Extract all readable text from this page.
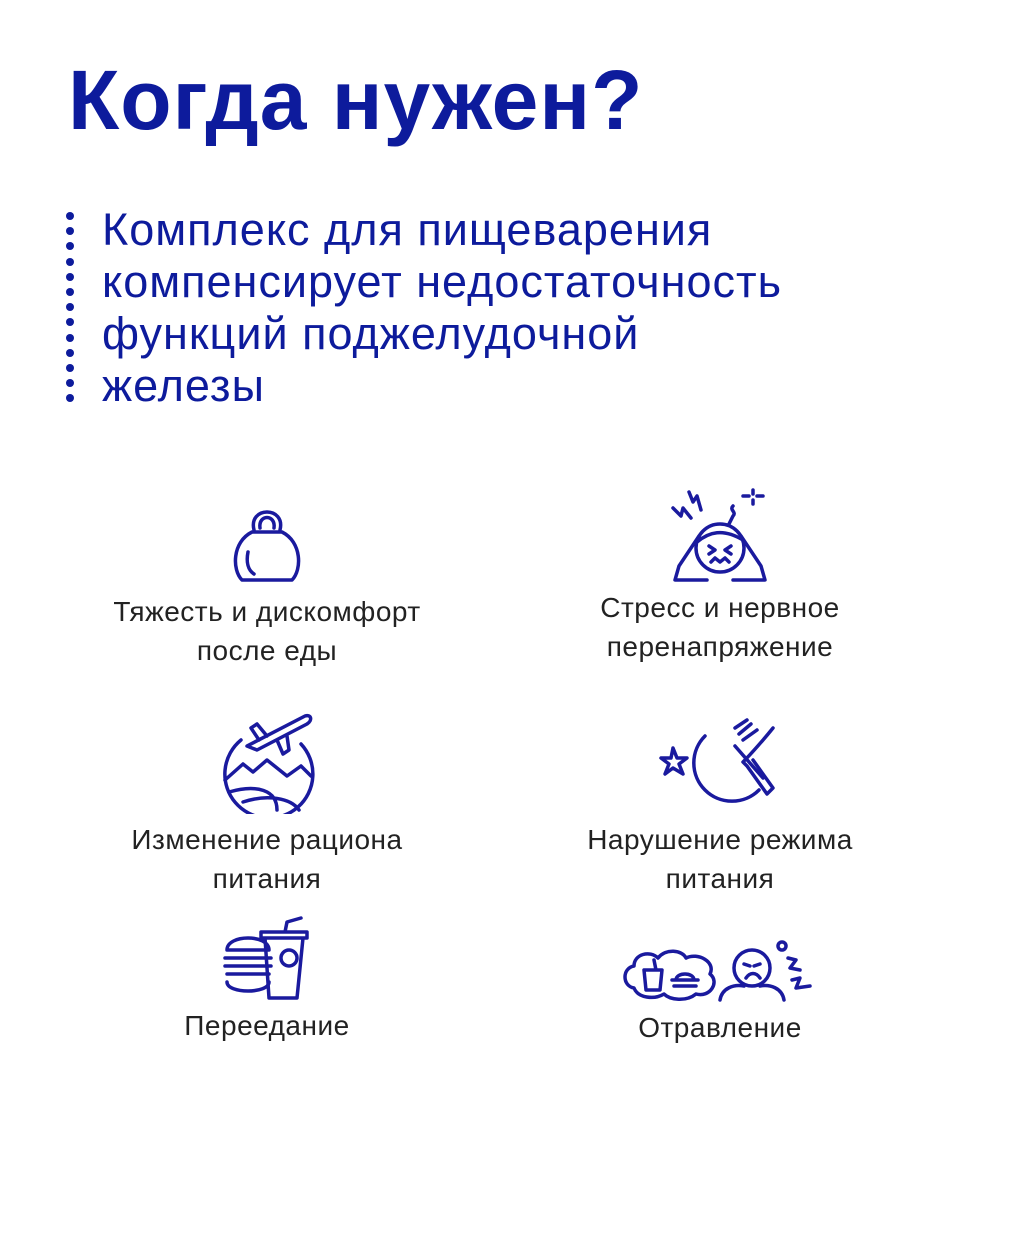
Когда нужен?

Комплекс для пищеварения
компенсирует недостаточность
функций поджелудочной
железы

Тяжесть и дискомфорт
после еды
Стресс и нервное
перенапряжение
Изменение рациона
питания
Нарушение режима
питания
Переедание	Отравление
